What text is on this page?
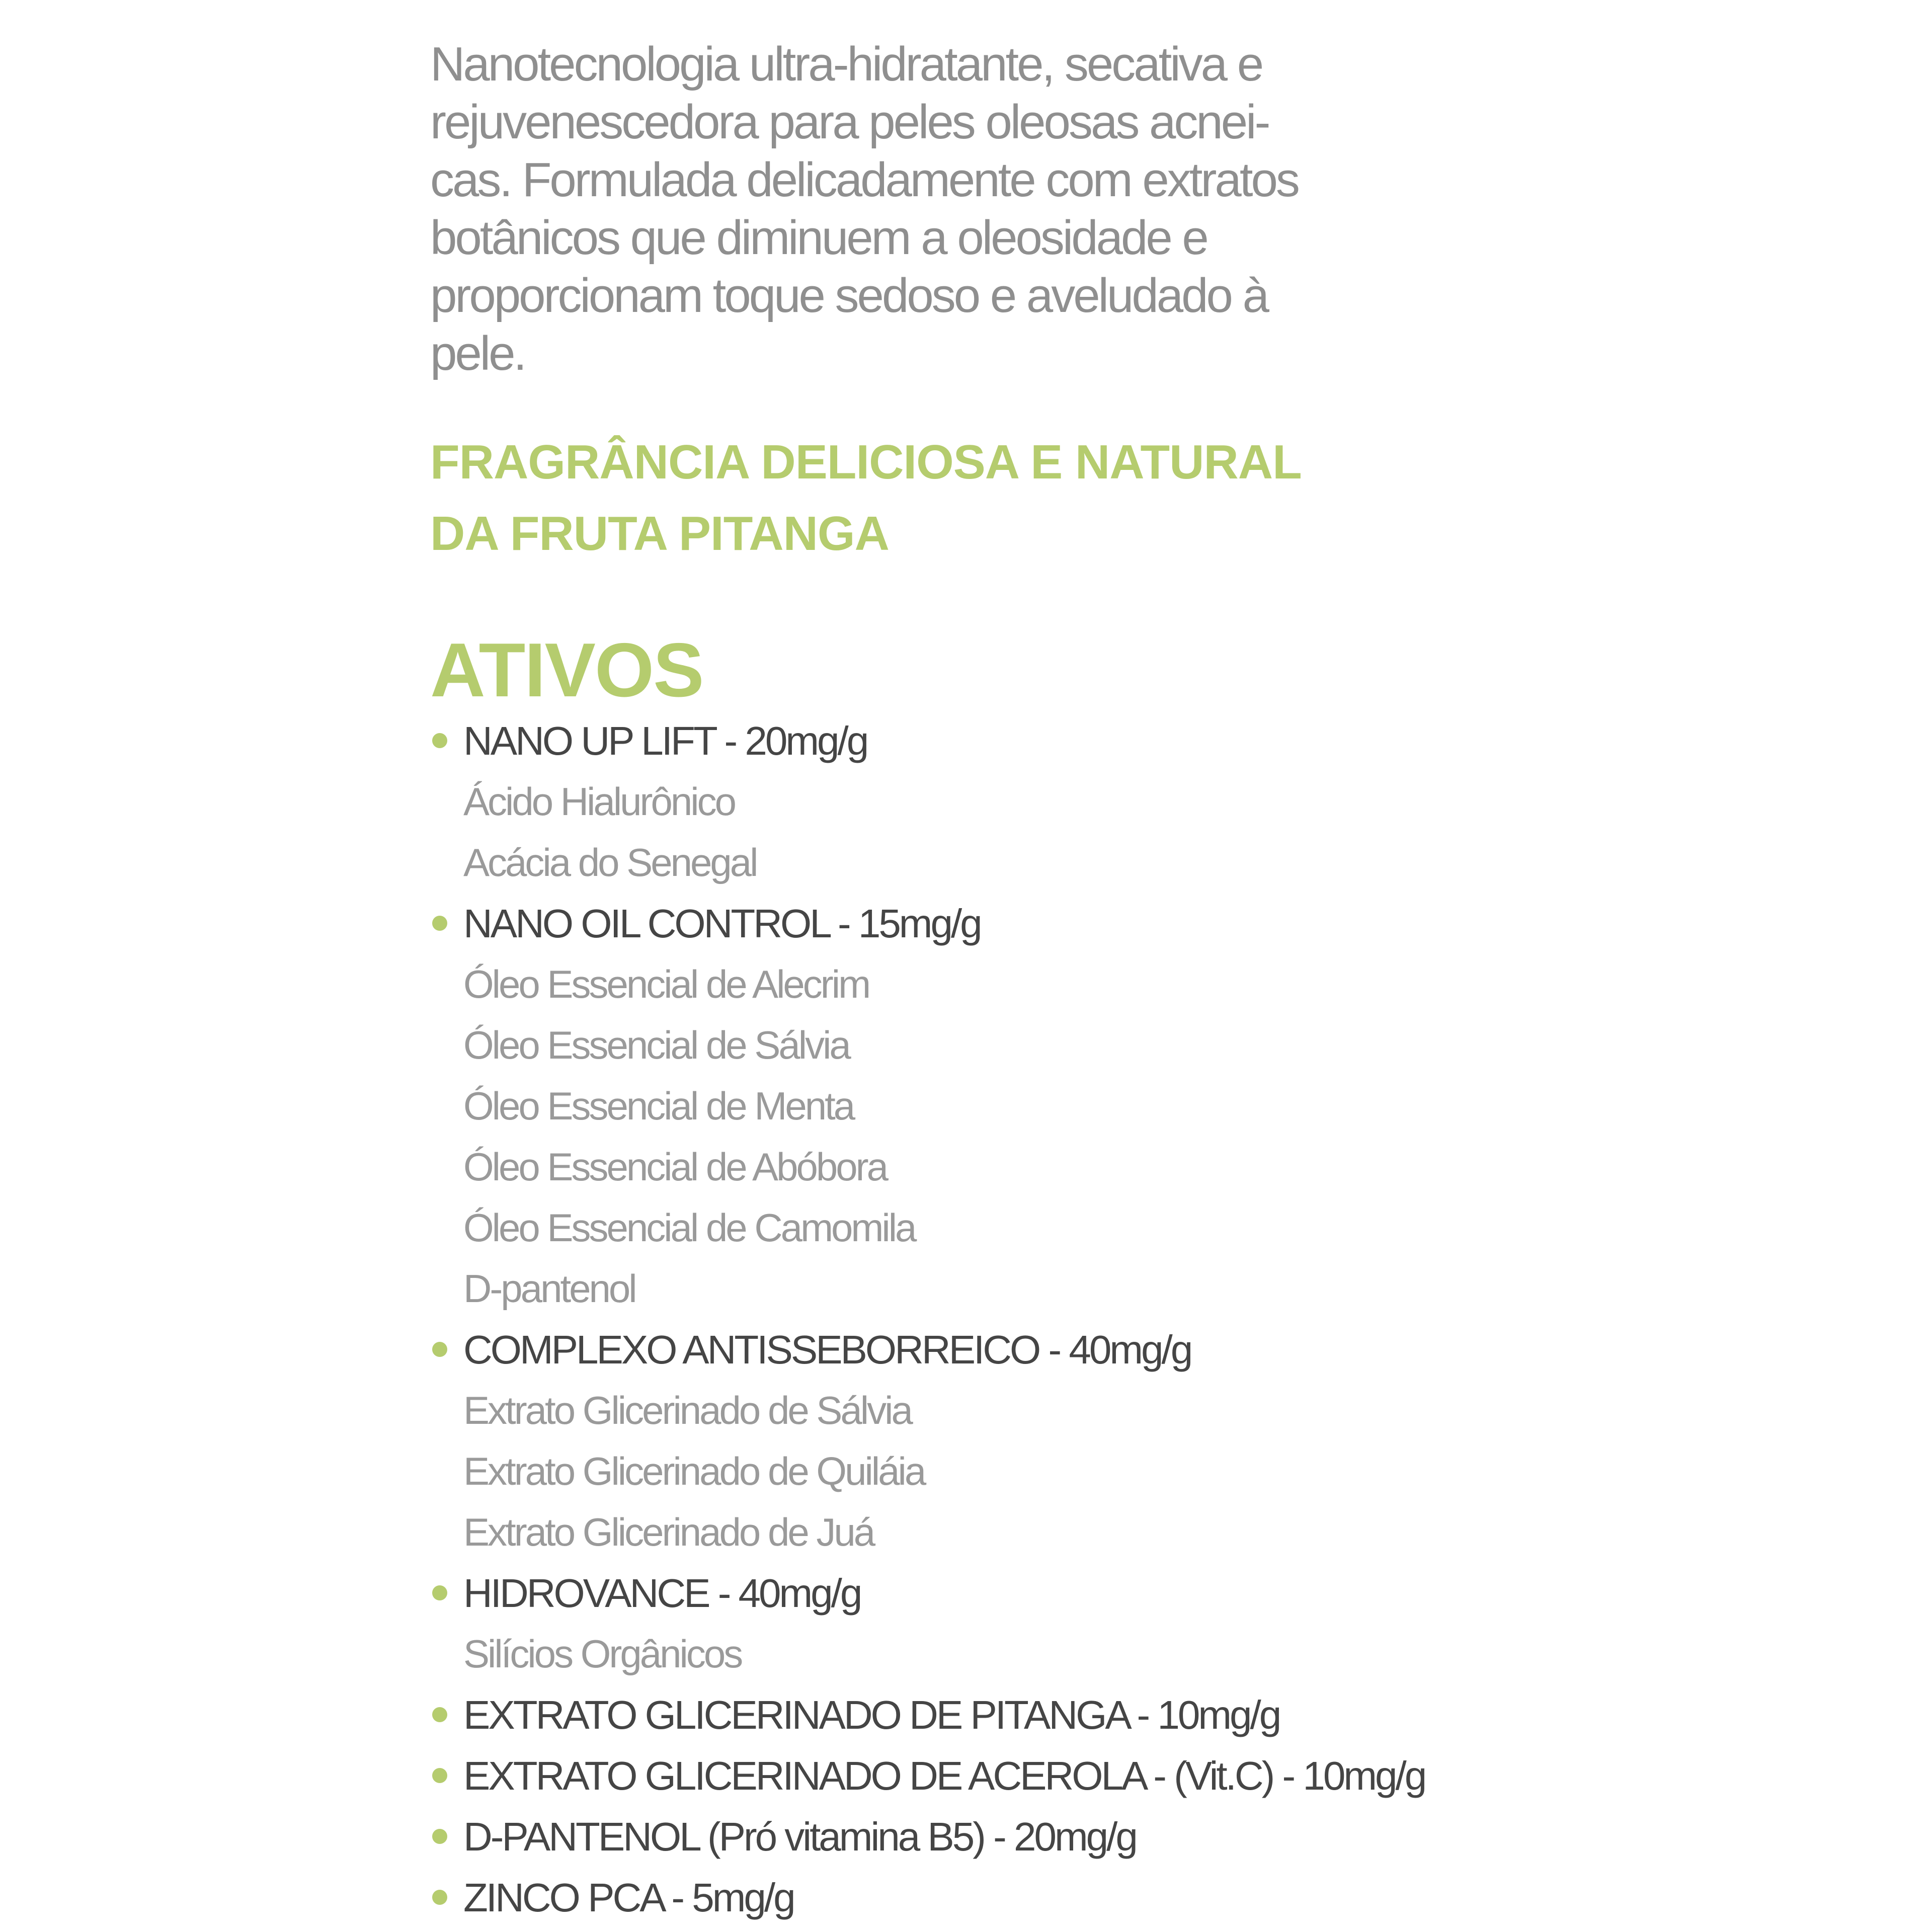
Nanotecnologia ultra-hidratante, secativa e
rejuvenescedora para peles oleosas acnei-
cas. Formulada delicadamente com extratos
botânicos que diminuem a oleosidade e
proporcionam toque sedoso e aveludado à
pele.
FRAGRÂNCIA DELICIOSA E NATURAL
DA FRUTA PITANGA
ATIVOS
NANO UP LIFT - 20mg/g
Ácido Hialurônico
Acácia do Senegal
NANO OIL CONTROL - 15mg/g
Óleo Essencial de Alecrim
Óleo Essencial de Sálvia
Óleo Essencial de Menta
Óleo Essencial de Abóbora
Óleo Essencial de Camomila
D-pantenol
COMPLEXO ANTISSEBORREICO - 40mg/g
Extrato Glicerinado de Sálvia
Extrato Glicerinado de Quiláia
Extrato Glicerinado de Juá
HIDROVANCE - 40mg/g
Silícios Orgânicos
EXTRATO GLICERINADO DE PITANGA - 10mg/g
EXTRATO GLICERINADO DE ACEROLA - (Vit.C) - 10mg/g
D-PANTENOL (Pró vitamina B5) - 20mg/g
ZINCO PCA - 5mg/g
